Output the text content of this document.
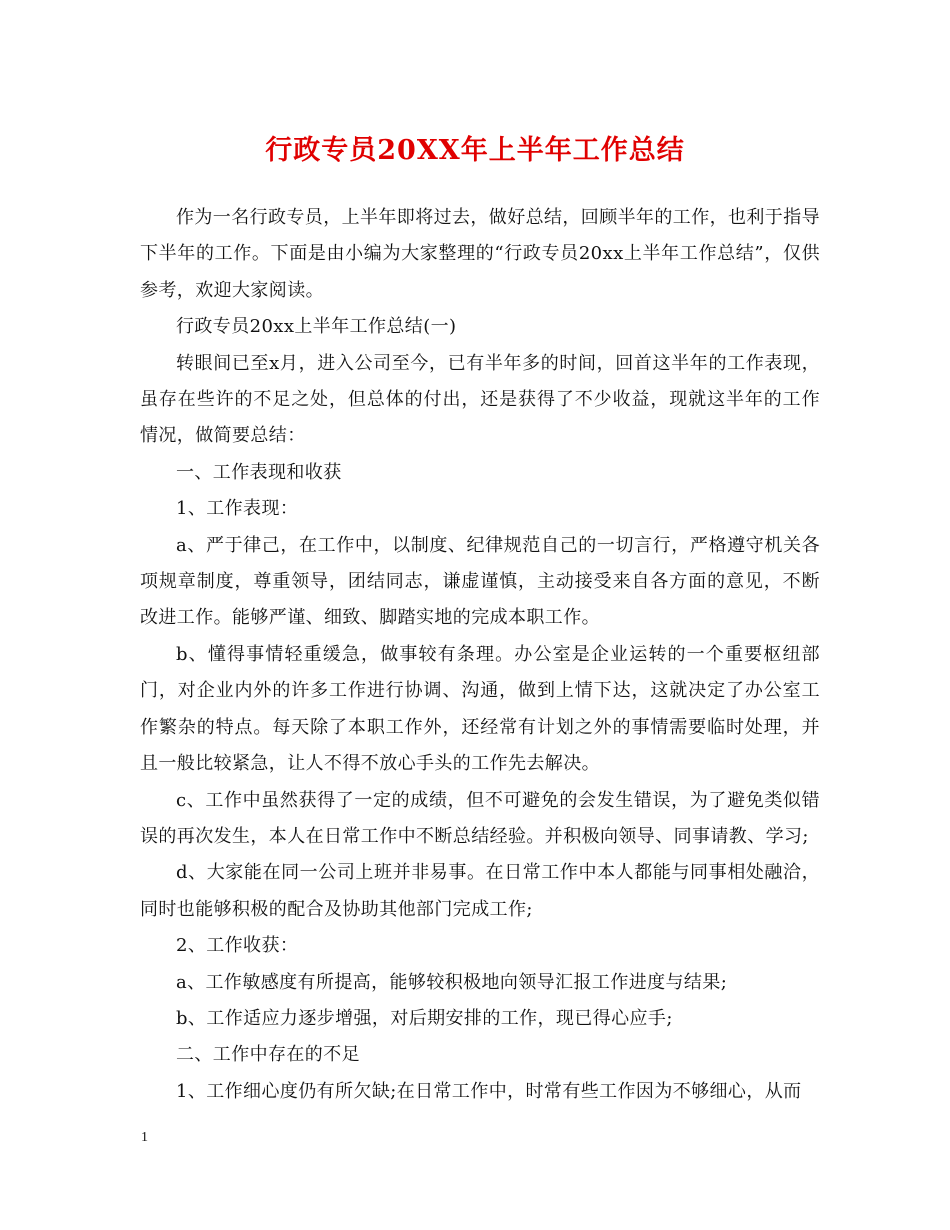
行政专员20XX年上半年工作总结

作为一名行政专员，上半年即将过去，做好总结，回顾半年的工作，也利于指导下半年的工作。下面是由小编为大家整理的“行政专员20xx上半年工作总结”，仅供参考，欢迎大家阅读。

行政专员20xx上半年工作总结(一)

转眼间已至x月，进入公司至今，已有半年多的时间，回首这半年的工作表现，虽存在些许的不足之处，但总体的付出，还是获得了不少收益，现就这半年的工作情况，做简要总结：

一、工作表现和收获

1、工作表现：

a、严于律己，在工作中，以制度、纪律规范自己的一切言行，严格遵守机关各项规章制度，尊重领导，团结同志，谦虚谨慎，主动接受来自各方面的意见，不断改进工作。能够严谨、细致、脚踏实地的完成本职工作。

b、懂得事情轻重缓急，做事较有条理。办公室是企业运转的一个重要枢纽部门，对企业内外的许多工作进行协调、沟通，做到上情下达，这就决定了办公室工作繁杂的特点。每天除了本职工作外，还经常有计划之外的事情需要临时处理，并且一般比较紧急，让人不得不放心手头的工作先去解决。

c、工作中虽然获得了一定的成绩，但不可避免的会发生错误，为了避免类似错误的再次发生，本人在日常工作中不断总结经验。并积极向领导、同事请教、学习;

d、大家能在同一公司上班并非易事。在日常工作中本人都能与同事相处融洽，同时也能够积极的配合及协助其他部门完成工作;

2、工作收获：

a、工作敏感度有所提高，能够较积极地向领导汇报工作进度与结果;

b、工作适应力逐步增强，对后期安排的工作，现已得心应手;

二、工作中存在的不足

1、工作细心度仍有所欠缺;在日常工作中，时常有些工作因为不够细心，从而

1
